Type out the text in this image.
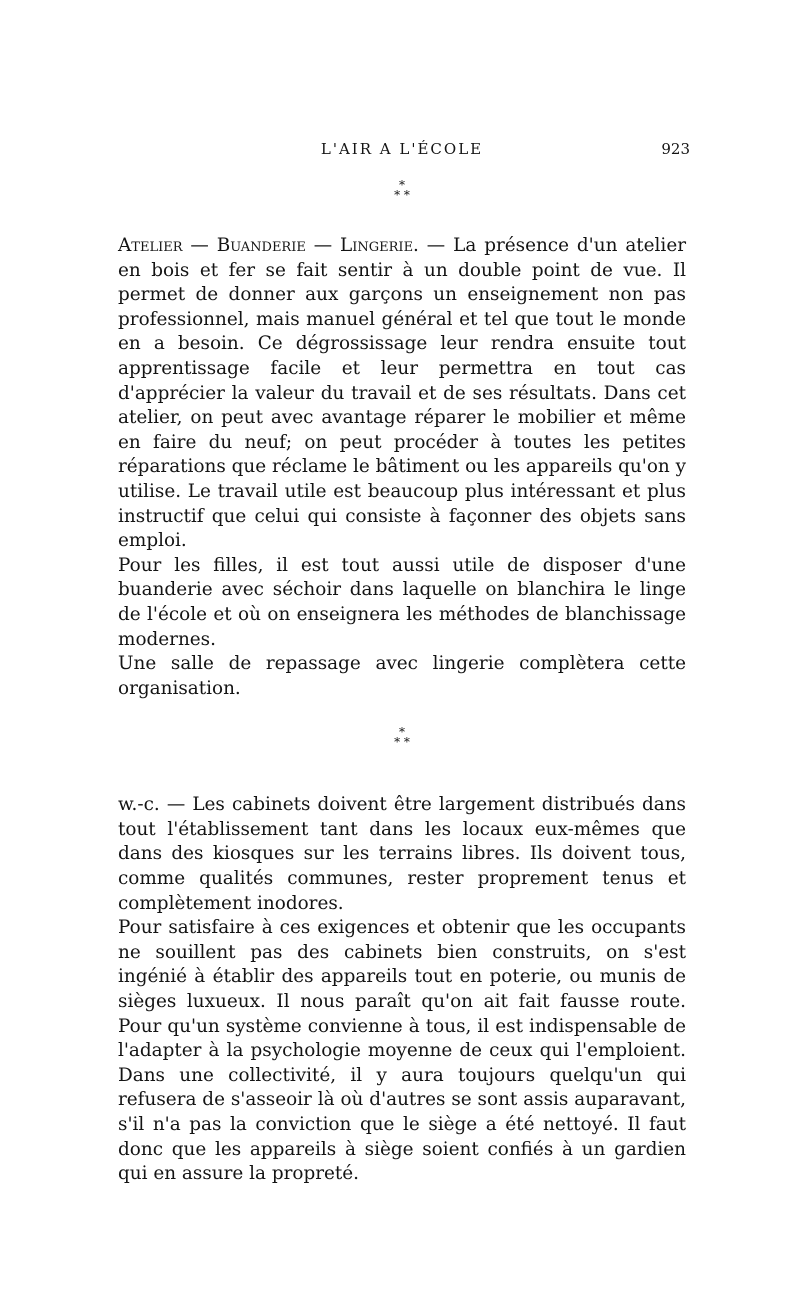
L'AIR A L'ÉCOLE	923
*
* *

Atelier — Buanderie — Lingerie. — La présence d'un atelier en bois et fer se fait sentir à un double point de vue. Il permet de donner aux garçons un enseignement non pas professionnel, mais manuel général et tel que tout le monde en a besoin. Ce dégrossissage leur rendra ensuite tout apprentissage facile et leur permettra en tout cas d'apprécier la valeur du travail et de ses résultats. Dans cet atelier, on peut avec avantage réparer le mobilier et même en faire du neuf; on peut procéder à toutes les petites réparations que réclame le bâtiment ou les appareils qu'on y utilise. Le travail utile est beaucoup plus intéressant et plus instructif que celui qui consiste à façonner des objets sans emploi.

Pour les filles, il est tout aussi utile de disposer d'une buanderie avec séchoir dans laquelle on blanchira le linge de l'école et où on enseignera les méthodes de blanchissage modernes.

Une salle de repassage avec lingerie complètera cette organisation.

*
* *

w.-c. — Les cabinets doivent être largement distribués dans tout l'établissement tant dans les locaux eux-mêmes que dans des kiosques sur les terrains libres. Ils doivent tous, comme qualités communes, rester proprement tenus et complètement inodores.

Pour satisfaire à ces exigences et obtenir que les occupants ne souillent pas des cabinets bien construits, on s'est ingénié à établir des appareils tout en poterie, ou munis de sièges luxueux. Il nous paraît qu'on ait fait fausse route. Pour qu'un système convienne à tous, il est indispensable de l'adapter à la psychologie moyenne de ceux qui l'emploient. Dans une collectivité, il y aura toujours quelqu'un qui refusera de s'asseoir là où d'autres se sont assis auparavant, s'il n'a pas la conviction que le siège a été nettoyé. Il faut donc que les appareils à siège soient confiés à un gardien qui en assure la propreté.
